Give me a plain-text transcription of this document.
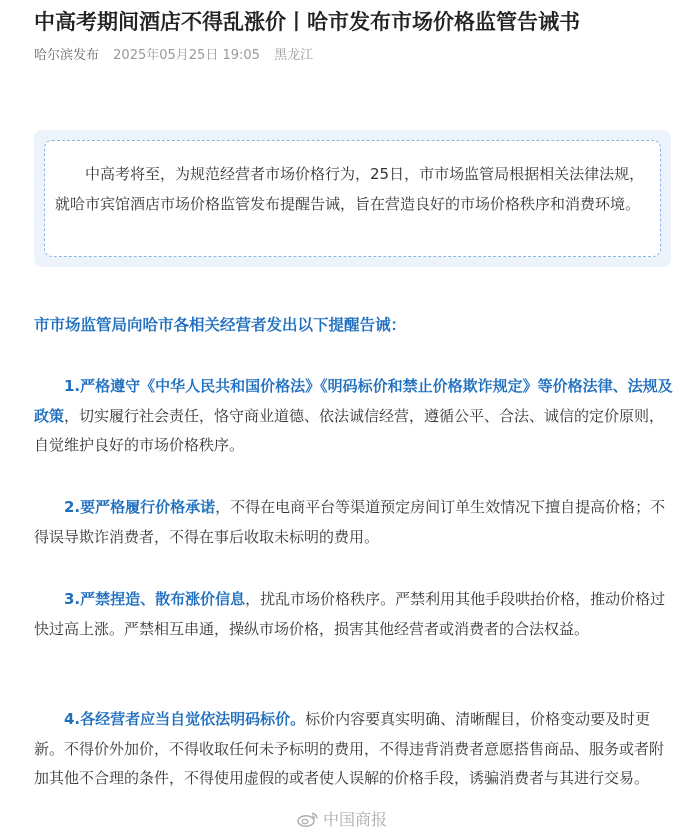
中高考期间酒店不得乱涨价丨哈市发布市场价格监管告诫书
哈尔滨发布 2025年05月25日 19:05 黑龙江
中高考将至，为规范经营者市场价格行为，25日，市市场监管局根据相关法律法规，就哈市宾馆酒店市场价格监管发布提醒告诫，旨在营造良好的市场价格秩序和消费环境。
市市场监管局向哈市各相关经营者发出以下提醒告诫：
1.严格遵守《中华人民共和国价格法》《明码标价和禁止价格欺诈规定》等价格法律、法规及政策，切实履行社会责任，恪守商业道德、依法诚信经营，遵循公平、合法、诚信的定价原则，自觉维护良好的市场价格秩序。
2.要严格履行价格承诺，不得在电商平台等渠道预定房间订单生效情况下擅自提高价格；不得误导欺诈消费者，不得在事后收取未标明的费用。
3.严禁捏造、散布涨价信息，扰乱市场价格秩序。严禁利用其他手段哄抬价格，推动价格过快过高上涨。严禁相互串通，操纵市场价格，损害其他经营者或消费者的合法权益。
4.各经营者应当自觉依法明码标价。标价内容要真实明确、清晰醒目，价格变动要及时更新。不得价外加价，不得收取任何未予标明的费用，不得违背消费者意愿搭售商品、服务或者附加其他不合理的条件，不得使用虚假的或者使人误解的价格手段，诱骗消费者与其进行交易。
中国商报
